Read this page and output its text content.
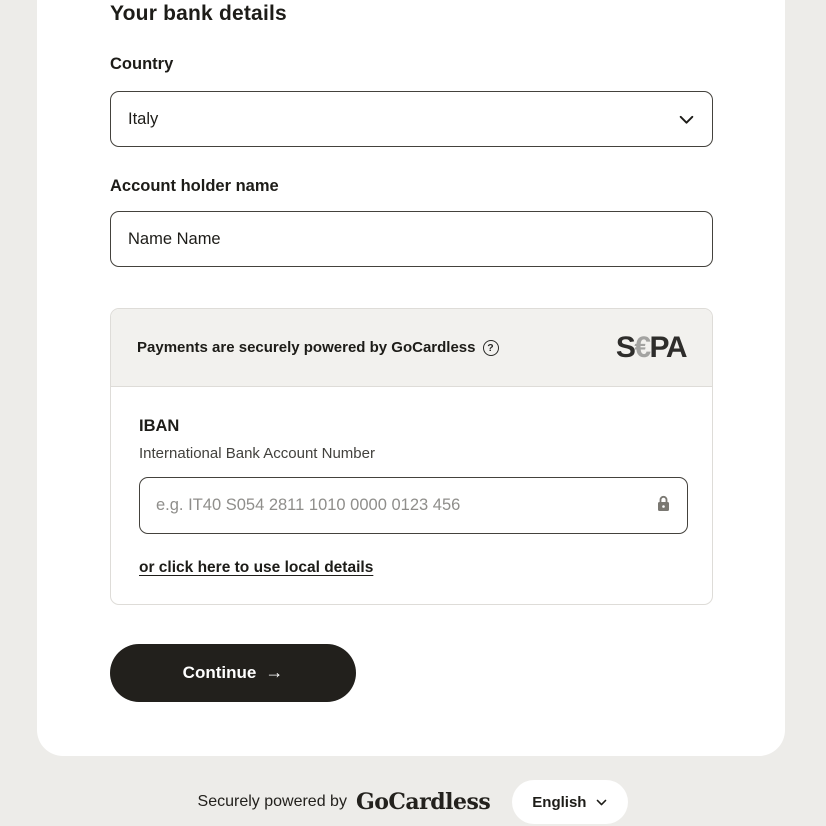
Your bank details
Country
Italy
Account holder name
Name Name
Payments are securely powered by GoCardless	?	S€PA
IBAN
International Bank Account Number
e.g. IT40 S054 2811 1010 0000 0123 456
or click here to use local details
Continue →
Securely powered by GoCardless	English
